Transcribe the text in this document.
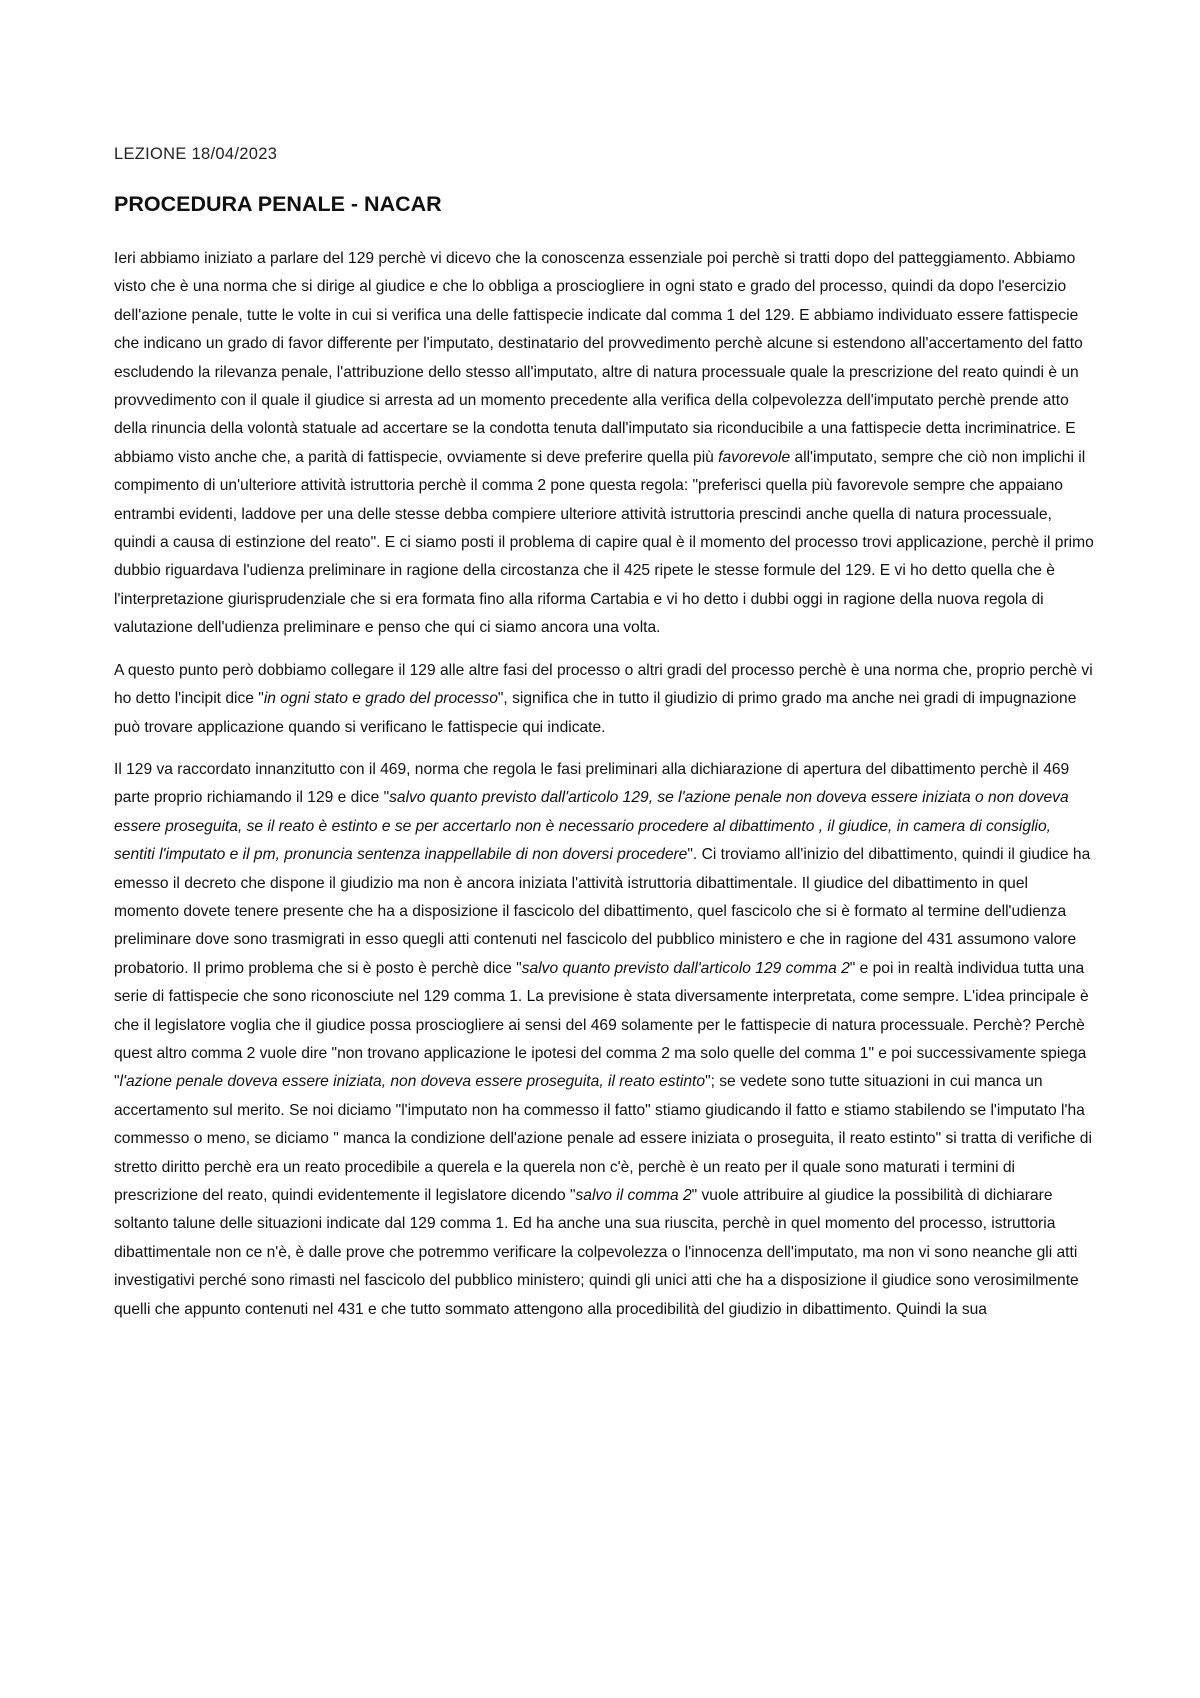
LEZIONE 18/04/2023
PROCEDURA PENALE - NACAR

Ieri abbiamo iniziato a parlare del 129 perchè vi dicevo che la conoscenza essenziale poi perchè si tratti dopo del patteggiamento. Abbiamo visto che è una norma che si dirige al giudice e che lo obbliga a prosciogliere in ogni stato e grado del processo, quindi da dopo l'esercizio dell'azione penale, tutte le volte in cui si verifica una delle fattispecie indicate dal comma 1 del 129. E abbiamo individuato essere fattispecie che indicano un grado di favor differente per l'imputato, destinatario del provvedimento perchè alcune si estendono all'accertamento del fatto escludendo la rilevanza penale, l'attribuzione dello stesso all'imputato, altre di natura processuale quale la prescrizione del reato quindi è un provvedimento con il quale il giudice si arresta ad un momento precedente alla verifica della colpevolezza dell'imputato perchè prende atto della rinuncia della volontà statuale ad accertare se la condotta tenuta dall'imputato sia riconducibile a una fattispecie detta incriminatrice. E abbiamo visto anche che, a parità di fattispecie, ovviamente si deve preferire quella più favorevole all'imputato, sempre che ciò non implichi il compimento di un'ulteriore attività istruttoria perchè il comma 2 pone questa regola: "preferisci quella più favorevole sempre che appaiano entrambi evidenti, laddove per una delle stesse debba compiere ulteriore attività istruttoria prescindi anche quella di natura processuale, quindi a causa di estinzione del reato". E ci siamo posti il problema di capire qual è il momento del processo trovi applicazione, perchè il primo dubbio riguardava l'udienza preliminare in ragione della circostanza che il 425 ripete le stesse formule del 129. E vi ho detto quella che è l'interpretazione giurisprudenziale che si era formata fino alla riforma Cartabia e vi ho detto i dubbi oggi in ragione della nuova regola di valutazione dell'udienza preliminare e penso che qui ci siamo ancora una volta.

A questo punto però dobbiamo collegare il 129 alle altre fasi del processo o altri gradi del processo perchè è una norma che, proprio perchè vi ho detto l'incipit dice "in ogni stato e grado del processo", significa che in tutto il giudizio di primo grado ma anche nei gradi di impugnazione può trovare applicazione quando si verificano le fattispecie qui indicate.

Il 129 va raccordato innanzitutto con il 469, norma che regola le fasi preliminari alla dichiarazione di apertura del dibattimento perchè il 469 parte proprio richiamando il 129 e dice "salvo quanto previsto dall'articolo 129, se l'azione penale non doveva essere iniziata o non doveva essere proseguita, se il reato è estinto e se per accertarlo non è necessario procedere al dibattimento , il giudice, in camera di consiglio, sentiti l'imputato e il pm, pronuncia sentenza inappellabile di non doversi procedere". Ci troviamo all'inizio del dibattimento, quindi il giudice ha emesso il decreto che dispone il giudizio ma non è ancora iniziata l'attività istruttoria dibattimentale. Il giudice del dibattimento in quel momento dovete tenere presente che ha a disposizione il fascicolo del dibattimento, quel fascicolo che si è formato al termine dell'udienza preliminare dove sono trasmigrati in esso quegli atti contenuti nel fascicolo del pubblico ministero e che in ragione del 431 assumono valore probatorio. Il primo problema che si è posto è perchè dice "salvo quanto previsto dall'articolo 129 comma 2" e poi in realtà individua tutta una serie di fattispecie che sono riconosciute nel 129 comma 1. La previsione è stata diversamente interpretata, come sempre. L'idea principale è che il legislatore voglia che il giudice possa prosciogliere ai sensi del 469 solamente per le fattispecie di natura processuale. Perchè? Perchè quest altro comma 2 vuole dire "non trovano applicazione le ipotesi del comma 2 ma solo quelle del comma 1" e poi successivamente spiega "l'azione penale doveva essere iniziata, non doveva essere proseguita, il reato estinto"; se vedete sono tutte situazioni in cui manca un accertamento sul merito. Se noi diciamo "l'imputato non ha commesso il fatto" stiamo giudicando il fatto e stiamo stabilendo se l'imputato l'ha commesso o meno, se diciamo " manca la condizione dell'azione penale ad essere iniziata o proseguita, il reato estinto" si tratta di verifiche di stretto diritto perchè era un reato procedibile a querela e la querela non c'è, perchè è un reato per il quale sono maturati i termini di prescrizione del reato, quindi evidentemente il legislatore dicendo "salvo il comma 2" vuole attribuire al giudice la possibilità di dichiarare soltanto talune delle situazioni indicate dal 129 comma 1. Ed ha anche una sua riuscita, perchè in quel momento del processo, istruttoria dibattimentale non ce n'è, è dalle prove che potremmo verificare la colpevolezza o l'innocenza dell'imputato, ma non vi sono neanche gli atti investigativi perché sono rimasti nel fascicolo del pubblico ministero; quindi gli unici atti che ha a disposizione il giudice sono verosimilmente quelli che appunto contenuti nel 431 e che tutto sommato attengono alla procedibilità del giudizio in dibattimento. Quindi la sua
